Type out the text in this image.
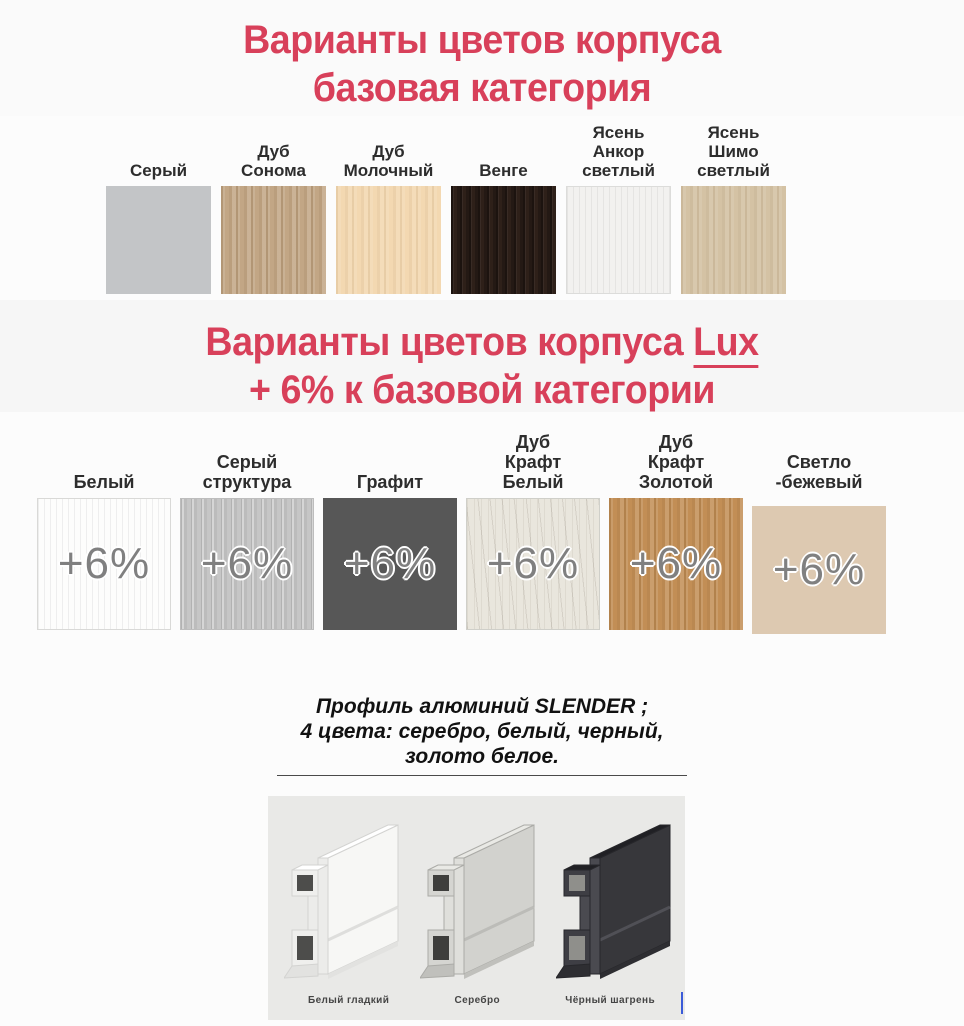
Варианты цветов корпуса
базовая категория
Серый
Дуб
Сонома
Дуб
Молочный	Венге
Ясень
Анкор
светлый
Ясень
Шимо
светлый
Варианты цветов корпуса Lux
+ 6% к базовой категории
Белый
+6%
Серый
структура
+6%
Графит
+6%
Дуб
Крафт
Белый
+6%
Дуб
Крафт
Золотой
+6%
Светло
-бежевый
+6%
Профиль алюминий SLENDER ;
4 цвета: серебро, белый, черный,
золото белое.
Белый гладкий	Серебро	Чёрный шагрень
